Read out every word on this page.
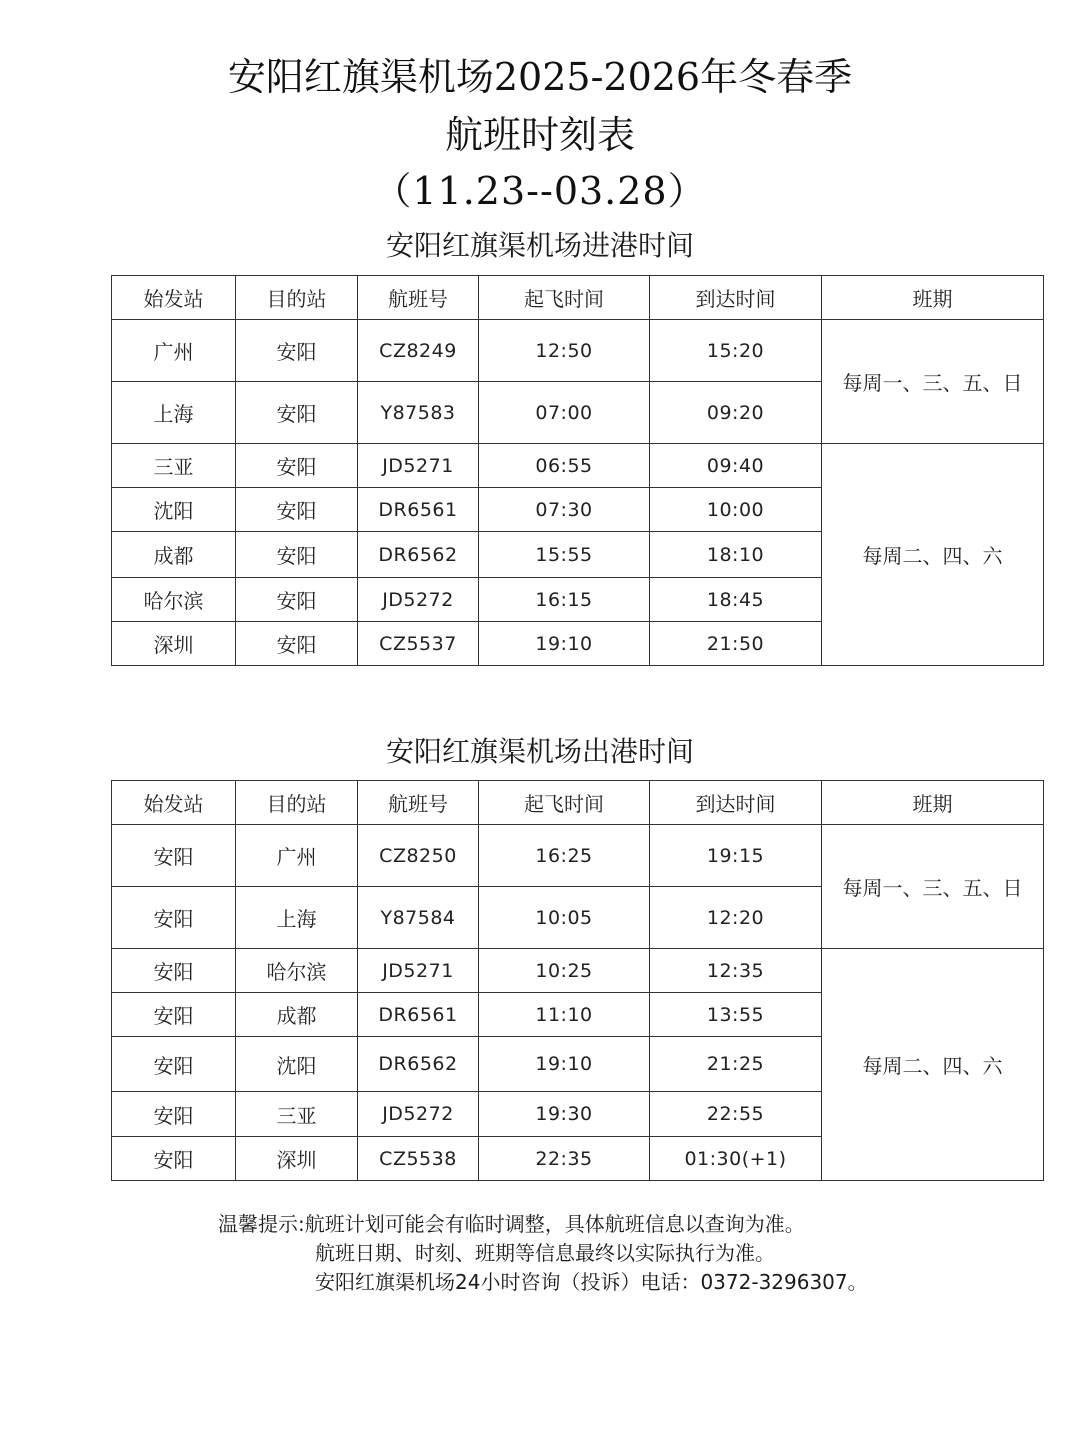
安阳红旗渠机场2025-2026年冬春季
航班时刻表
（11.23--03.28）
安阳红旗渠机场进港时间
始发站	目的站	航班号	起飞时间	到达时间	班期
广州	安阳	CZ8249	12:50	15:20	每周一、三、五、日
上海	安阳	Y87583	07:00	09:20	
三亚	安阳	JD5271	06:55	09:40	每周二、四、六
沈阳	安阳	DR6561	07:30	10:00	
成都	安阳	DR6562	15:55	18:10	
哈尔滨	安阳	JD5272	16:15	18:45	
深圳	安阳	CZ5537	19:10	21:50	
安阳红旗渠机场出港时间
始发站	目的站	航班号	起飞时间	到达时间	班期
安阳	广州	CZ8250	16:25	19:15	每周一、三、五、日
安阳	上海	Y87584	10:05	12:20	
安阳	哈尔滨	JD5271	10:25	12:35	每周二、四、六
安阳	成都	DR6561	11:10	13:55	
安阳	沈阳	DR6562	19:10	21:25	
安阳	三亚	JD5272	19:30	22:55	
安阳	深圳	CZ5538	22:35	01:30(+1)	
温馨提示:航班计划可能会有临时调整，具体航班信息以查询为准。
航班日期、时刻、班期等信息最终以实际执行为准。
安阳红旗渠机场24小时咨询（投诉）电话：0372-3296307。
